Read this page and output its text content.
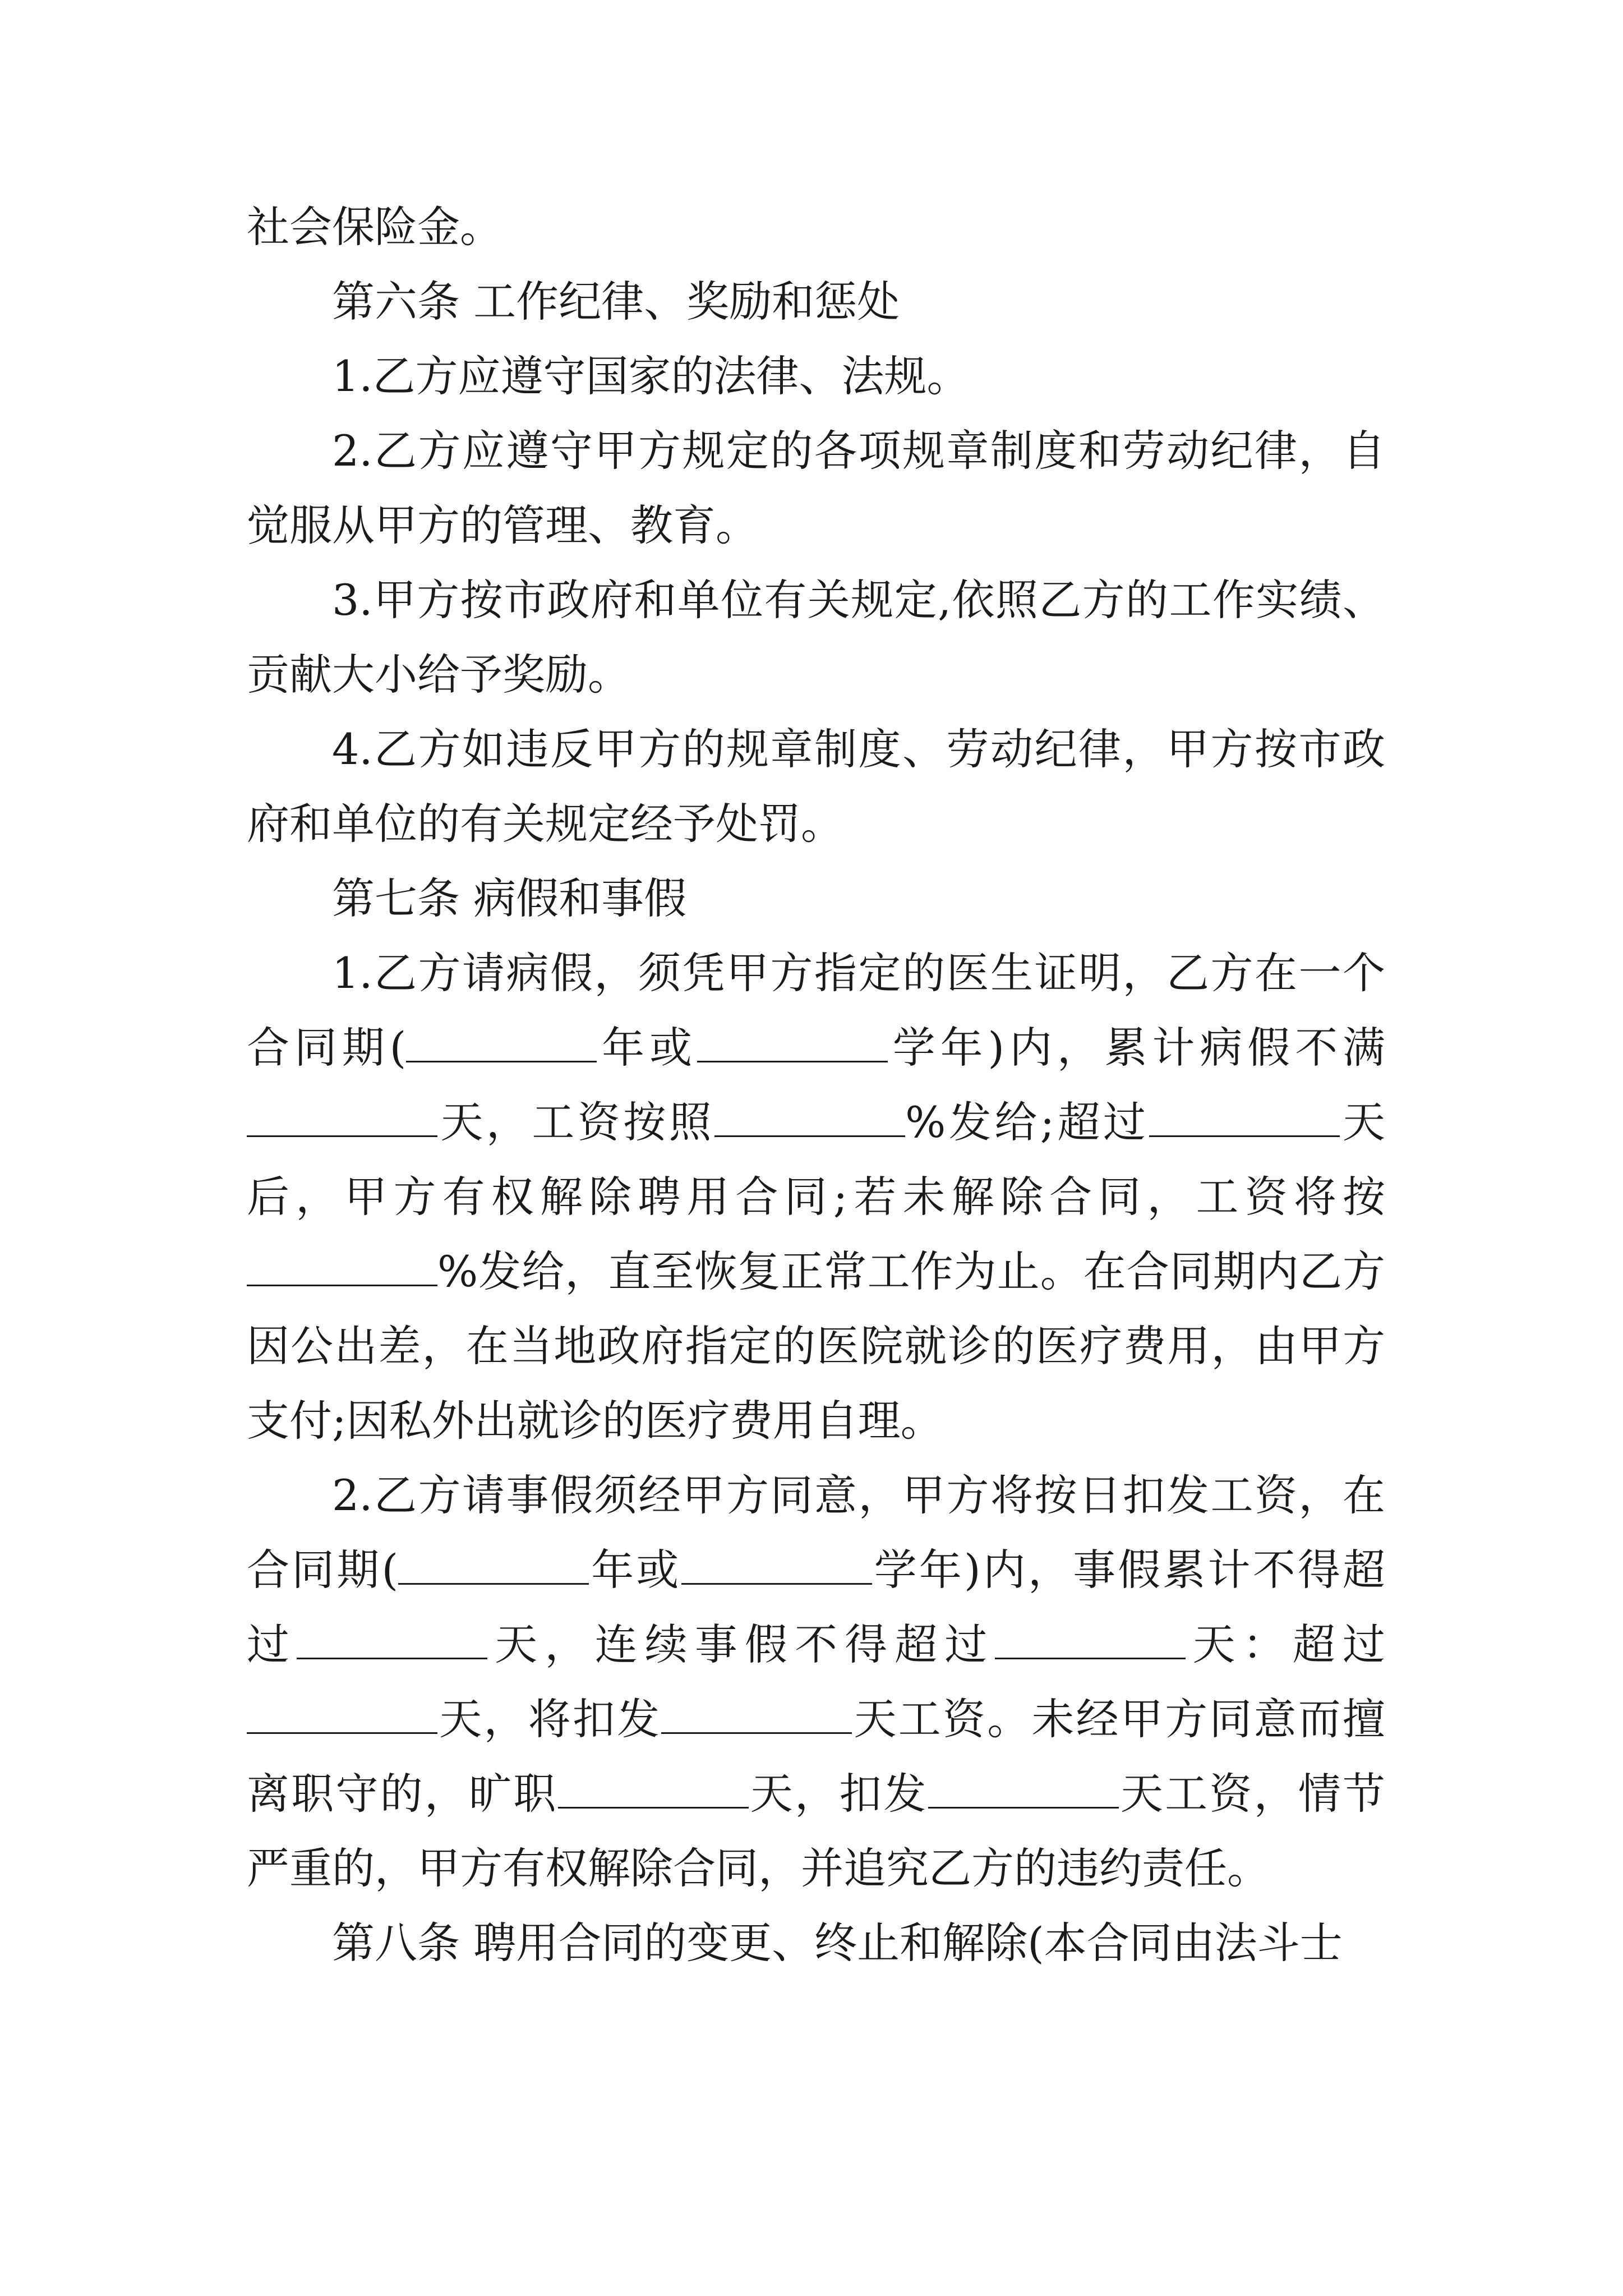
社会保险金。

第六条 工作纪律、奖励和惩处

1.乙方应遵守国家的法律、法规。

2.乙方应遵守甲方规定的各项规章制度和劳动纪律，自觉服从甲方的管理、教育。

3.甲方按市政府和单位有关规定,依照乙方的工作实绩、贡献大小给予奖励。

4.乙方如违反甲方的规章制度、劳动纪律，甲方按市政府和单位的有关规定经予处罚。

第七条 病假和事假

1.乙方请病假，须凭甲方指定的医生证明，乙方在一个合同期(	年或	学年)内，累计病假不满天，工资按照	%发给;超过	天后，甲方有权解除聘用合同;若未解除合同，工资将按%发给，直至恢复正常工作为止。在合同期内乙方因公出差，在当地政府指定的医院就诊的医疗费用，由甲方支付;因私外出就诊的医疗费用自理。

2.乙方请事假须经甲方同意，甲方将按日扣发工资，在合同期(	年或	学年)内，事假累计不得超过	天，连续事假不得超过	天：超过天，将扣发	天工资。未经甲方同意而擅离职守的，旷职	天，扣发	天工资，情节严重的，甲方有权解除合同，并追究乙方的违约责任。

第八条 聘用合同的变更、终止和解除(本合同由法斗士
